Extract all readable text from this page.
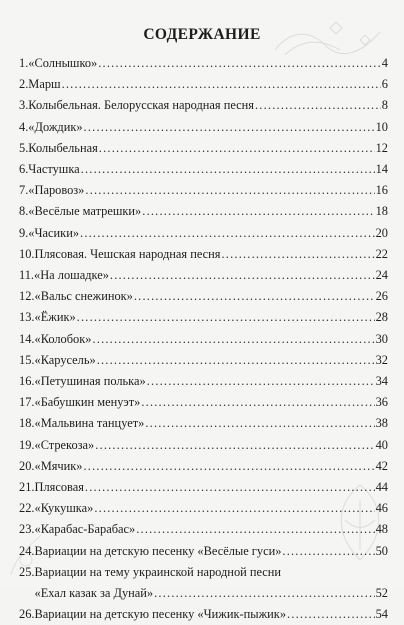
СОДЕРЖАНИЕ
1. «Солнышко» .....	4
2. Марш .....	6
3. Колыбельная. Белорусская народная песня .....	8
4. «Дождик» .....	10
5. Колыбельная .....	12
6. Частушка .....	14
7. «Паровоз» .....	16
8. «Весёлые матрешки» .....	18
9. «Часики» .....	20
10. Плясовая. Чешская народная песня .....	22
11. «На лошадке» .....	24
12. «Вальс снежинок» .....	26
13. «Ёжик» .....	28
14. «Колобок» .....	30
15. «Карусель» .....	32
16. «Петушиная полька» .....	34
17. «Бабушкин менуэт» .....	36
18. «Мальвина танцует» .....	38
19. «Стрекоза» .....	40
20. «Мячик» .....	42
21. Плясовая .....	44
22. «Кукушка» .....	46
23. «Карабас-Барабас» .....	48
24. Вариации на детскую песенку «Весёлые гуси» .....	50
25. Вариации на тему украинской народной песни
«Ехал казак за Дунай» .....	52
26. Вариации на детскую песенку «Чижик-пыжик» .....	54
